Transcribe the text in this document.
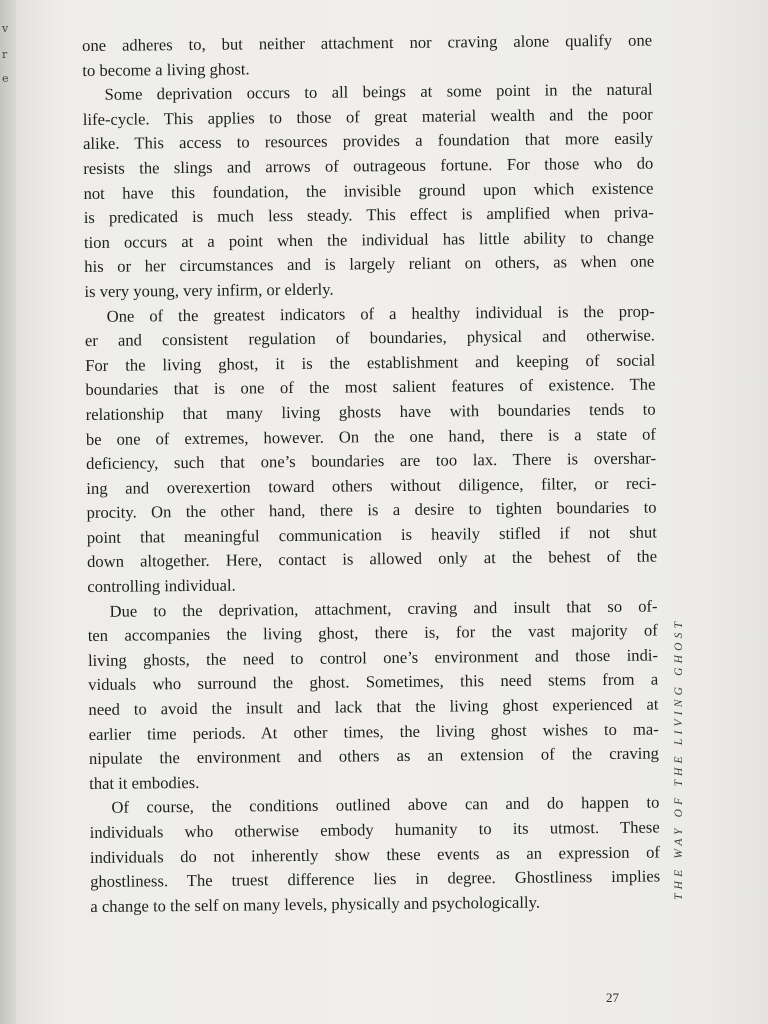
v
r
e
one adheres to, but neither attachment nor craving alone qualify one
to become a living ghost.
Some deprivation occurs to all beings at some point in the natural
life-cycle. This applies to those of great material wealth and the poor
alike. This access to resources provides a foundation that more easily
resists the slings and arrows of outrageous fortune. For those who do
not have this foundation, the invisible ground upon which existence
is predicated is much less steady. This effect is amplified when priva-
tion occurs at a point when the individual has little ability to change
his or her circumstances and is largely reliant on others, as when one
is very young, very infirm, or elderly.
One of the greatest indicators of a healthy individual is the prop-
er and consistent regulation of boundaries, physical and otherwise.
For the living ghost, it is the establishment and keeping of social
boundaries that is one of the most salient features of existence. The
relationship that many living ghosts have with boundaries tends to
be one of extremes, however. On the one hand, there is a state of
deficiency, such that one’s boundaries are too lax. There is overshar-
ing and overexertion toward others without diligence, filter, or reci-
procity. On the other hand, there is a desire to tighten boundaries to
point that meaningful communication is heavily stifled if not shut
down altogether. Here, contact is allowed only at the behest of the
controlling individual.
Due to the deprivation, attachment, craving and insult that so of-
ten accompanies the living ghost, there is, for the vast majority of
living ghosts, the need to control one’s environment and those indi-
viduals who surround the ghost. Sometimes, this need stems from a
need to avoid the insult and lack that the living ghost experienced at
earlier time periods. At other times, the living ghost wishes to ma-
nipulate the environment and others as an extension of the craving
that it embodies.
Of course, the conditions outlined above can and do happen to
individuals who otherwise embody humanity to its utmost. These
individuals do not inherently show these events as an expression of
ghostliness. The truest difference lies in degree. Ghostliness implies
a change to the self on many levels, physically and psychologically.
THE WAY OF THE LIVING GHOST
27
